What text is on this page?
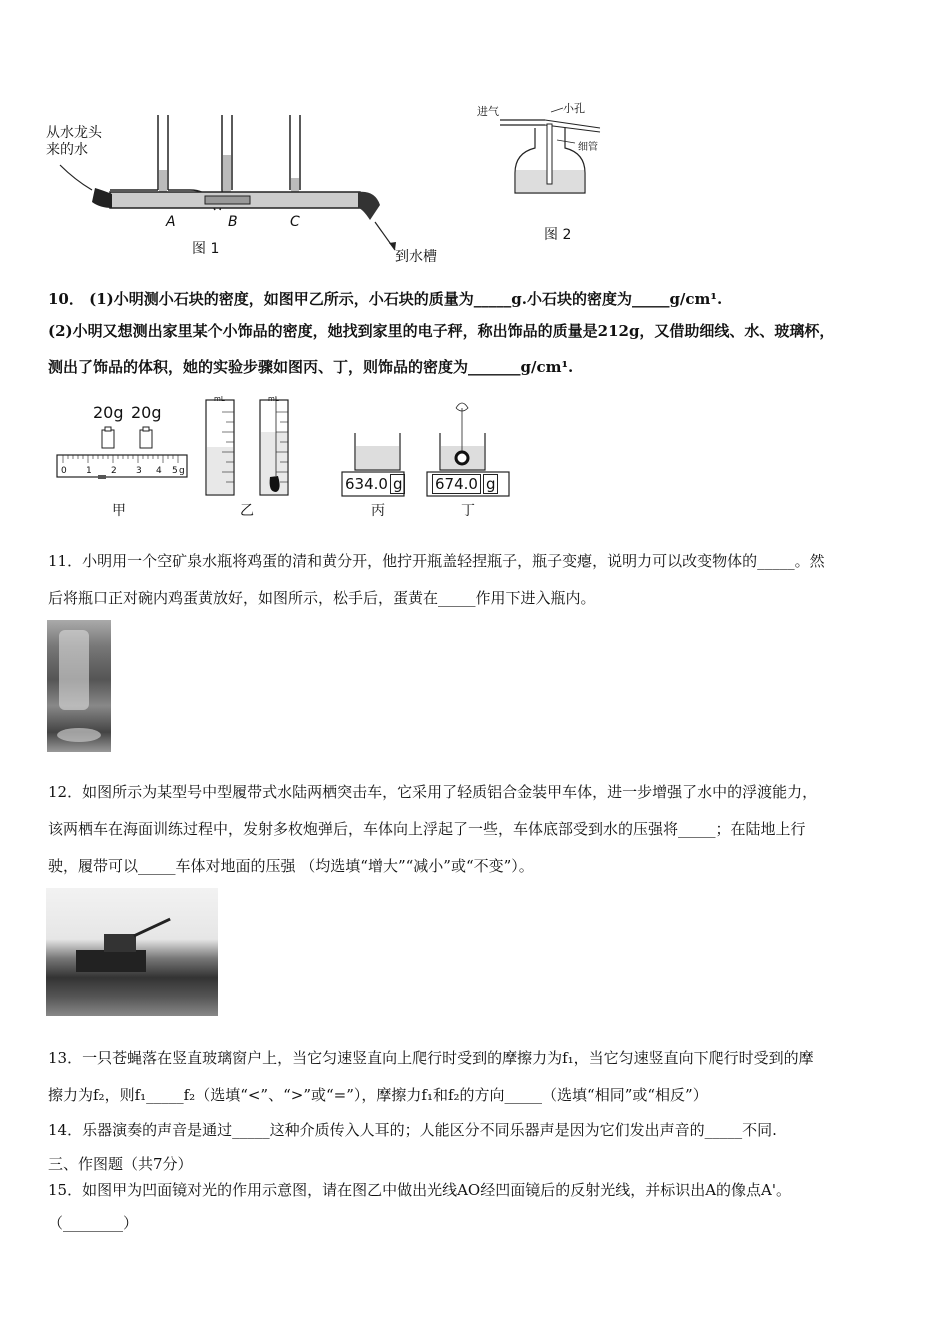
从水龙头
来的水
A	B	C
图 1	到水槽
进气	小孔
细管
图 2
10． (1)小明测小石块的密度，如图甲乙所示，小石块的质量为_____g.小石块的密度为_____g/cm¹.
(2)小明又想测出家里某个小饰品的密度，她找到家里的电子秤，称出饰品的质量是212g，又借助细线、水、玻璃杯，
测出了饰品的体积，她的实验步骤如图丙、丁，则饰品的密度为_______g/cm¹.
20g 20g
0 1 2 3 4 5 g
mL	mL
634.0 g 674.0 g
甲	乙	丙	丁
11．小明用一个空矿泉水瓶将鸡蛋的清和黄分开，他拧开瓶盖轻捏瓶子，瓶子变瘪，说明力可以改变物体的_____。然
后将瓶口正对碗内鸡蛋黄放好，如图所示，松手后，蛋黄在_____作用下进入瓶内。
12．如图所示为某型号中型履带式水陆两栖突击车，它采用了轻质铝合金装甲车体，进一步增强了水中的浮渡能力，
该两栖车在海面训练过程中，发射多枚炮弹后，车体向上浮起了一些，车体底部受到水的压强将_____；在陆地上行
驶，履带可以_____车体对地面的压强 （均选填“增大”“减小”或“不变”）。
13．一只苍蝇落在竖直玻璃窗户上，当它匀速竖直向上爬行时受到的摩擦力为f₁，当它匀速竖直向下爬行时受到的摩
擦力为f₂，则f₁_____f₂（选填“<”、“>”或“=”），摩擦力f₁和f₂的方向_____（选填“相同”或“相反”）
14．乐器演奏的声音是通过_____这种介质传入人耳的；人能区分不同乐器声是因为它们发出声音的_____不同.
三、作图题（共7分）
15．如图甲为凹面镜对光的作用示意图，请在图乙中做出光线AO经凹面镜后的反射光线，并标识出A的像点A'。
（________）
